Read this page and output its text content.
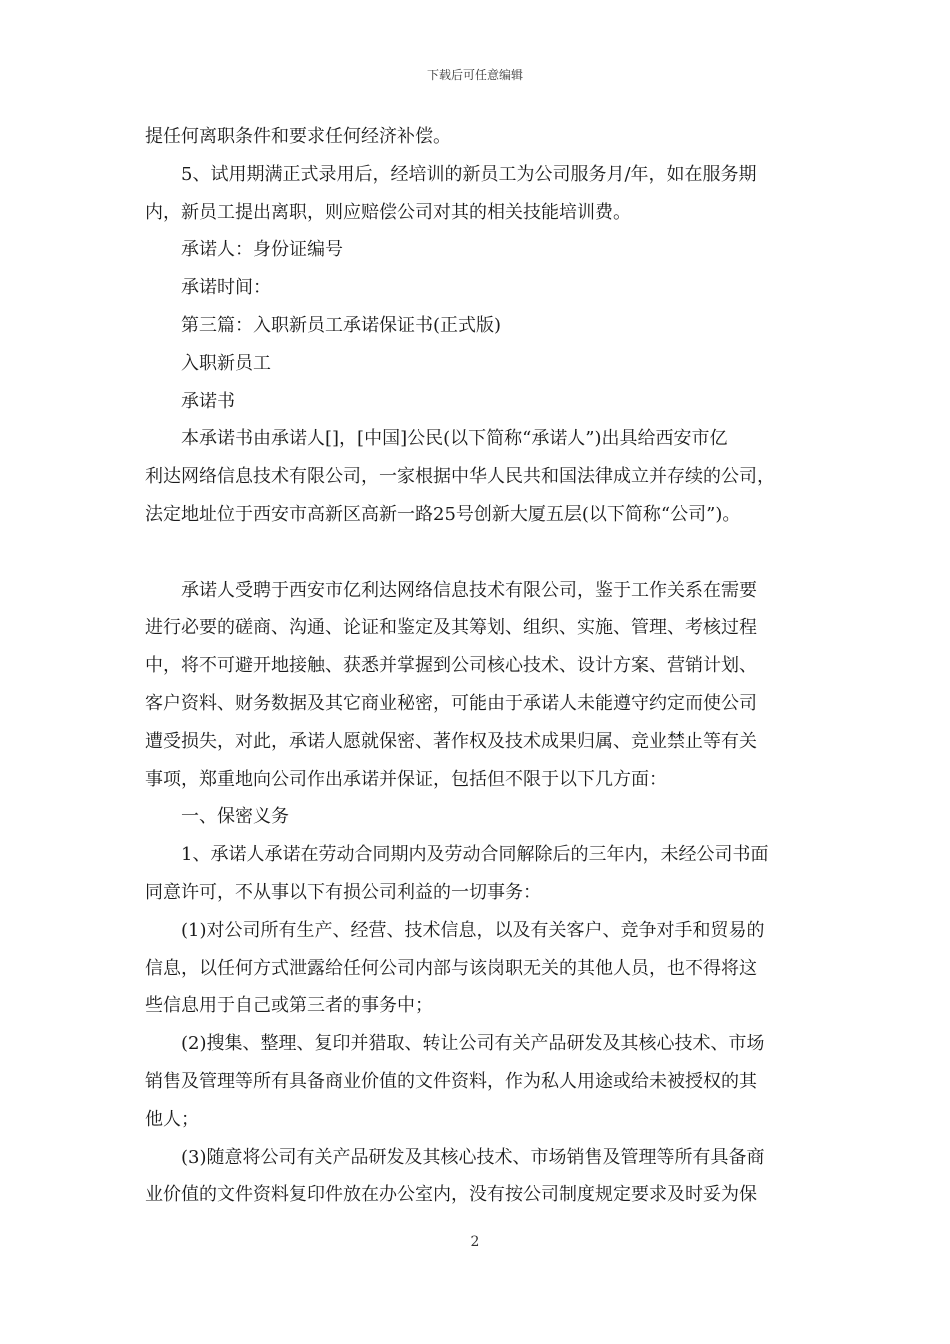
下载后可任意编辑
提任何离职条件和要求任何经济补偿。
5、试用期满正式录用后，经培训的新员工为公司服务月/年，如在服务期
内，新员工提出离职，则应赔偿公司对其的相关技能培训费。
承诺人：身份证编号
承诺时间：
第三篇：入职新员工承诺保证书(正式版)
入职新员工
承诺书
本承诺书由承诺人[]，[中国]公民(以下简称“承诺人”)出具给西安市亿
利达网络信息技术有限公司，一家根据中华人民共和国法律成立并存续的公司，
法定地址位于西安市高新区高新一路25号创新大厦五层(以下简称“公司”)。
承诺人受聘于西安市亿利达网络信息技术有限公司，鉴于工作关系在需要
进行必要的磋商、沟通、论证和鉴定及其筹划、组织、实施、管理、考核过程
中，将不可避开地接触、获悉并掌握到公司核心技术、设计方案、营销计划、
客户资料、财务数据及其它商业秘密，可能由于承诺人未能遵守约定而使公司
遭受损失，对此，承诺人愿就保密、著作权及技术成果归属、竞业禁止等有关
事项，郑重地向公司作出承诺并保证，包括但不限于以下几方面：
一、保密义务
1、承诺人承诺在劳动合同期内及劳动合同解除后的三年内，未经公司书面
同意许可，不从事以下有损公司利益的一切事务：
(1)对公司所有生产、经营、技术信息，以及有关客户、竞争对手和贸易的
信息，以任何方式泄露给任何公司内部与该岗职无关的其他人员，也不得将这
些信息用于自己或第三者的事务中；
(2)搜集、整理、复印并猎取、转让公司有关产品研发及其核心技术、市场
销售及管理等所有具备商业价值的文件资料，作为私人用途或给未被授权的其
他人；
(3)随意将公司有关产品研发及其核心技术、市场销售及管理等所有具备商
业价值的文件资料复印件放在办公室内，没有按公司制度规定要求及时妥为保
2
